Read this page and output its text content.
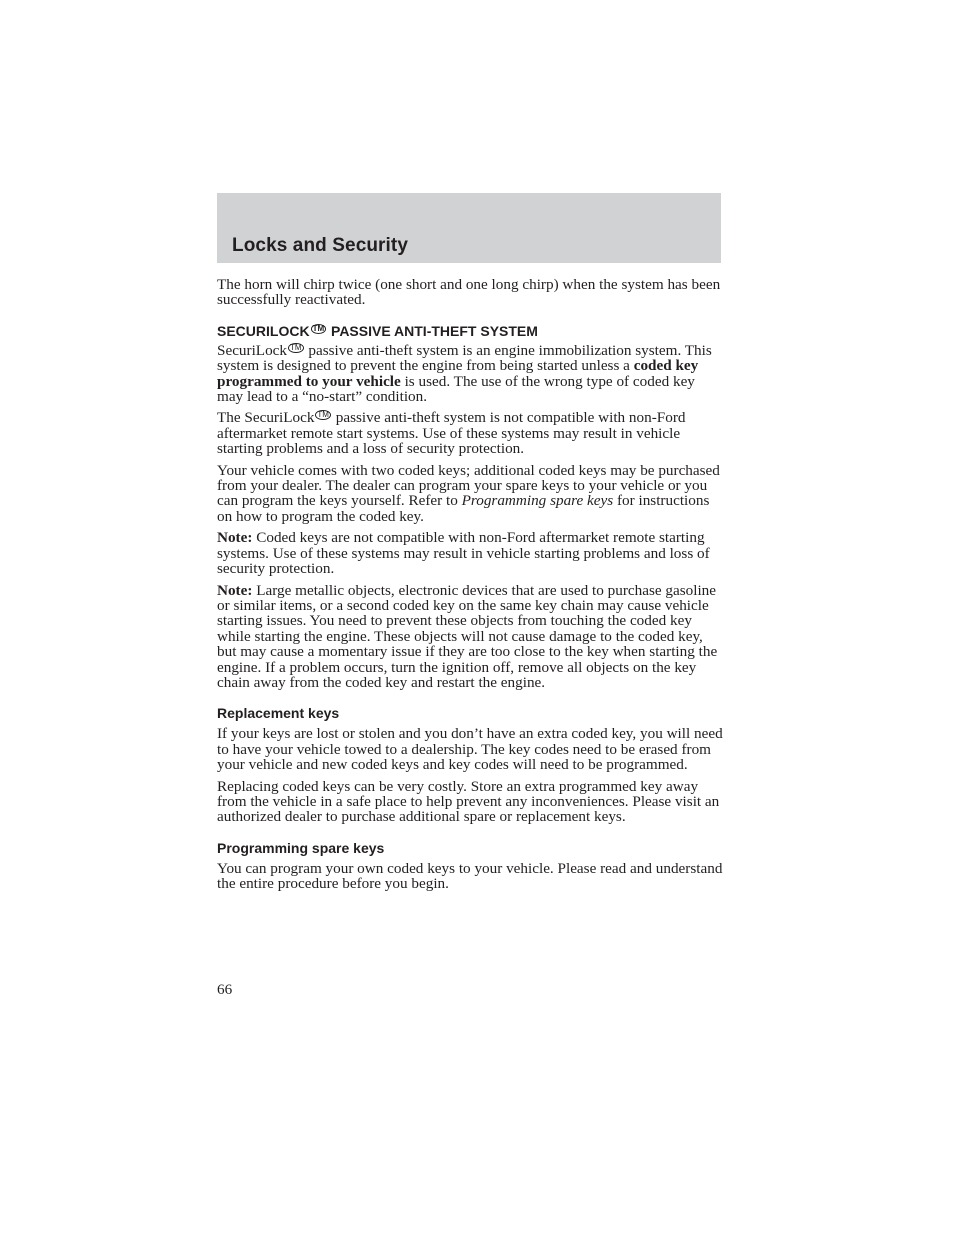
Locks and Security

The horn will chirp twice (one short and one long chirp) when the system has been successfully reactivated.

SECURILOCK TM PASSIVE ANTI-THEFT SYSTEM

SecuriLock TM passive anti-theft system is an engine immobilization system. This system is designed to prevent the engine from being started unless a coded key programmed to your vehicle is used. The use of the wrong type of coded key may lead to a “no-start” condition.

The SecuriLock TM passive anti-theft system is not compatible with non-Ford aftermarket remote start systems. Use of these systems may result in vehicle starting problems and a loss of security protection.

Your vehicle comes with two coded keys; additional coded keys may be purchased from your dealer. The dealer can program your spare keys to your vehicle or you can program the keys yourself. Refer to Programming spare keys for instructions on how to program the coded key.

Note: Coded keys are not compatible with non-Ford aftermarket remote starting systems. Use of these systems may result in vehicle starting problems and loss of security protection.

Note: Large metallic objects, electronic devices that are used to purchase gasoline or similar items, or a second coded key on the same key chain may cause vehicle starting issues. You need to prevent these objects from touching the coded key while starting the engine. These objects will not cause damage to the coded key, but may cause a momentary issue if they are too close to the key when starting the engine. If a problem occurs, turn the ignition off, remove all objects on the key chain away from the coded key and restart the engine.

Replacement keys

If your keys are lost or stolen and you don’t have an extra coded key, you will need to have your vehicle towed to a dealership. The key codes need to be erased from your vehicle and new coded keys and key codes will need to be programmed.

Replacing coded keys can be very costly. Store an extra programmed key away from the vehicle in a safe place to help prevent any inconveniences. Please visit an authorized dealer to purchase additional spare or replacement keys.

Programming spare keys

You can program your own coded keys to your vehicle. Please read and understand the entire procedure before you begin.

66
